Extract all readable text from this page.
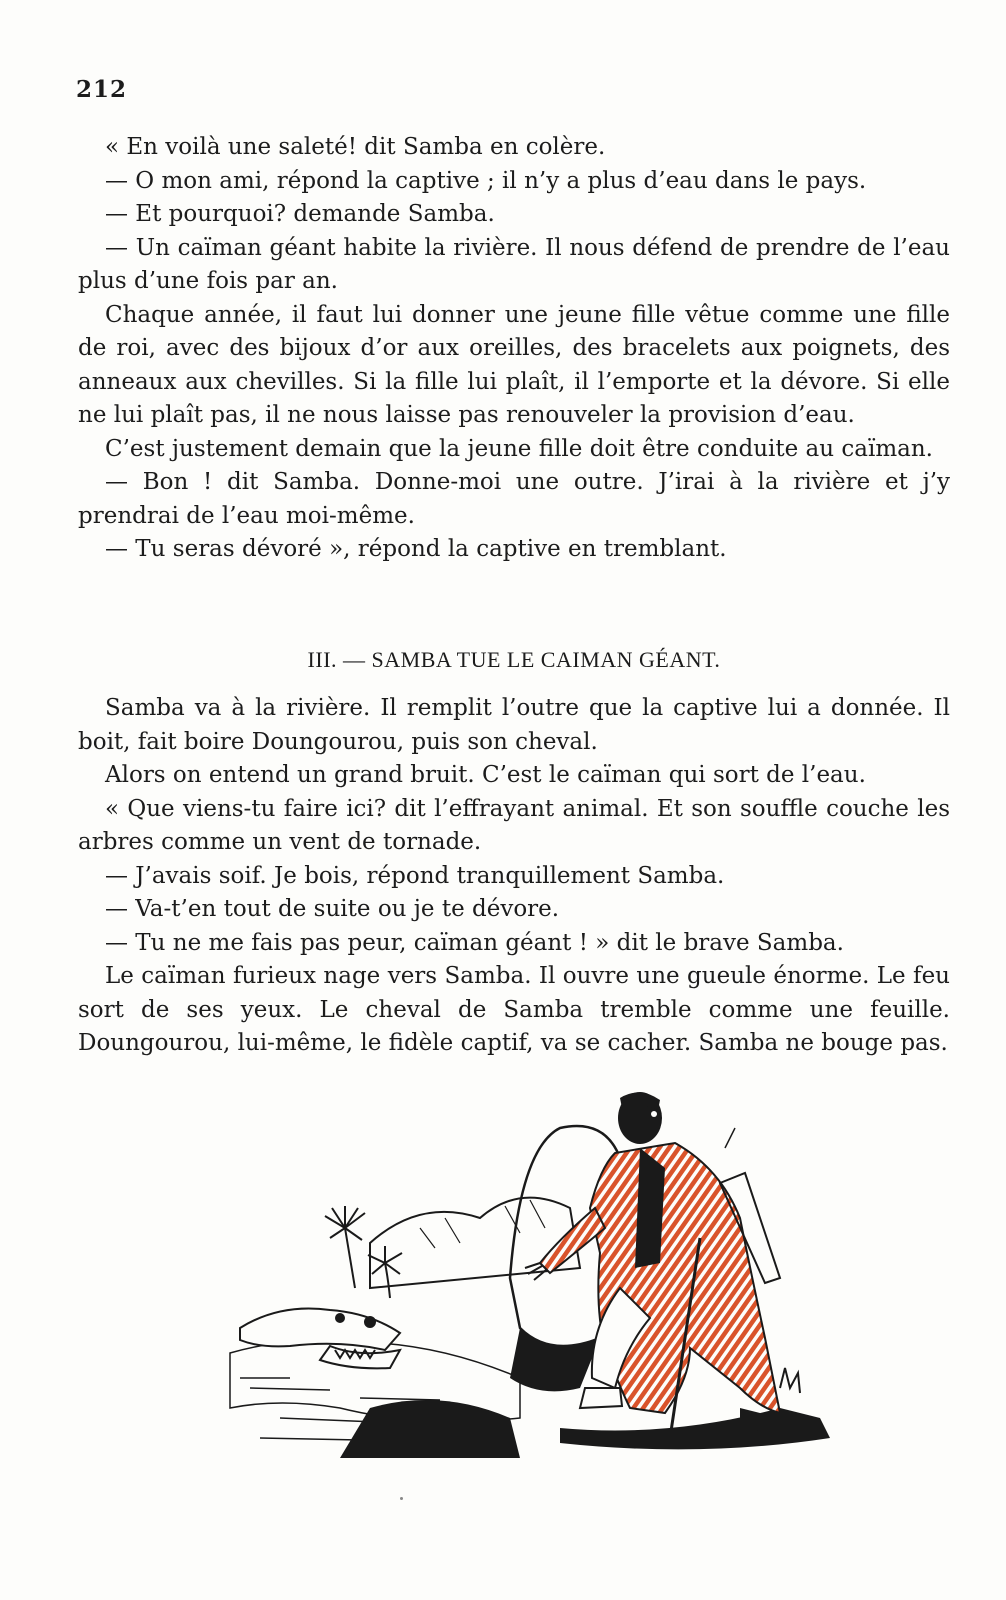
212

« En voilà une saleté! dit Samba en colère.

— O mon ami, répond la captive ; il n’y a plus d’eau dans le pays.

— Et pourquoi? demande Samba.

— Un caïman géant habite la rivière. Il nous défend de prendre de l’eau plus d’une fois par an.

Chaque année, il faut lui donner une jeune fille vêtue comme une fille de roi, avec des bijoux d’or aux oreilles, des bracelets aux poignets, des anneaux aux chevilles. Si la fille lui plaît, il l’emporte et la dévore. Si elle ne lui plaît pas, il ne nous laisse pas renouveler la provision d’eau.

C’est justement demain que la jeune fille doit être conduite au caïman.

— Bon ! dit Samba. Donne-moi une outre. J’irai à la rivière et j’y prendrai de l’eau moi-même.

— Tu seras dévoré », répond la captive en tremblant.

III. — SAMBA TUE LE CAIMAN GÉANT.

Samba va à la rivière. Il remplit l’outre que la captive lui a donnée. Il boit, fait boire Doungourou, puis son cheval.

Alors on entend un grand bruit. C’est le caïman qui sort de l’eau.

« Que viens-tu faire ici? dit l’effrayant animal. Et son souffle couche les arbres comme un vent de tornade.

— J’avais soif. Je bois, répond tranquillement Samba.

— Va-t’en tout de suite ou je te dévore.

— Tu ne me fais pas peur, caïman géant ! » dit le brave Samba.

Le caïman furieux nage vers Samba. Il ouvre une gueule énorme. Le feu sort de ses yeux. Le cheval de Samba tremble comme une feuille. Doungourou, lui-même, le fidèle captif, va se cacher. Samba ne bouge pas.
